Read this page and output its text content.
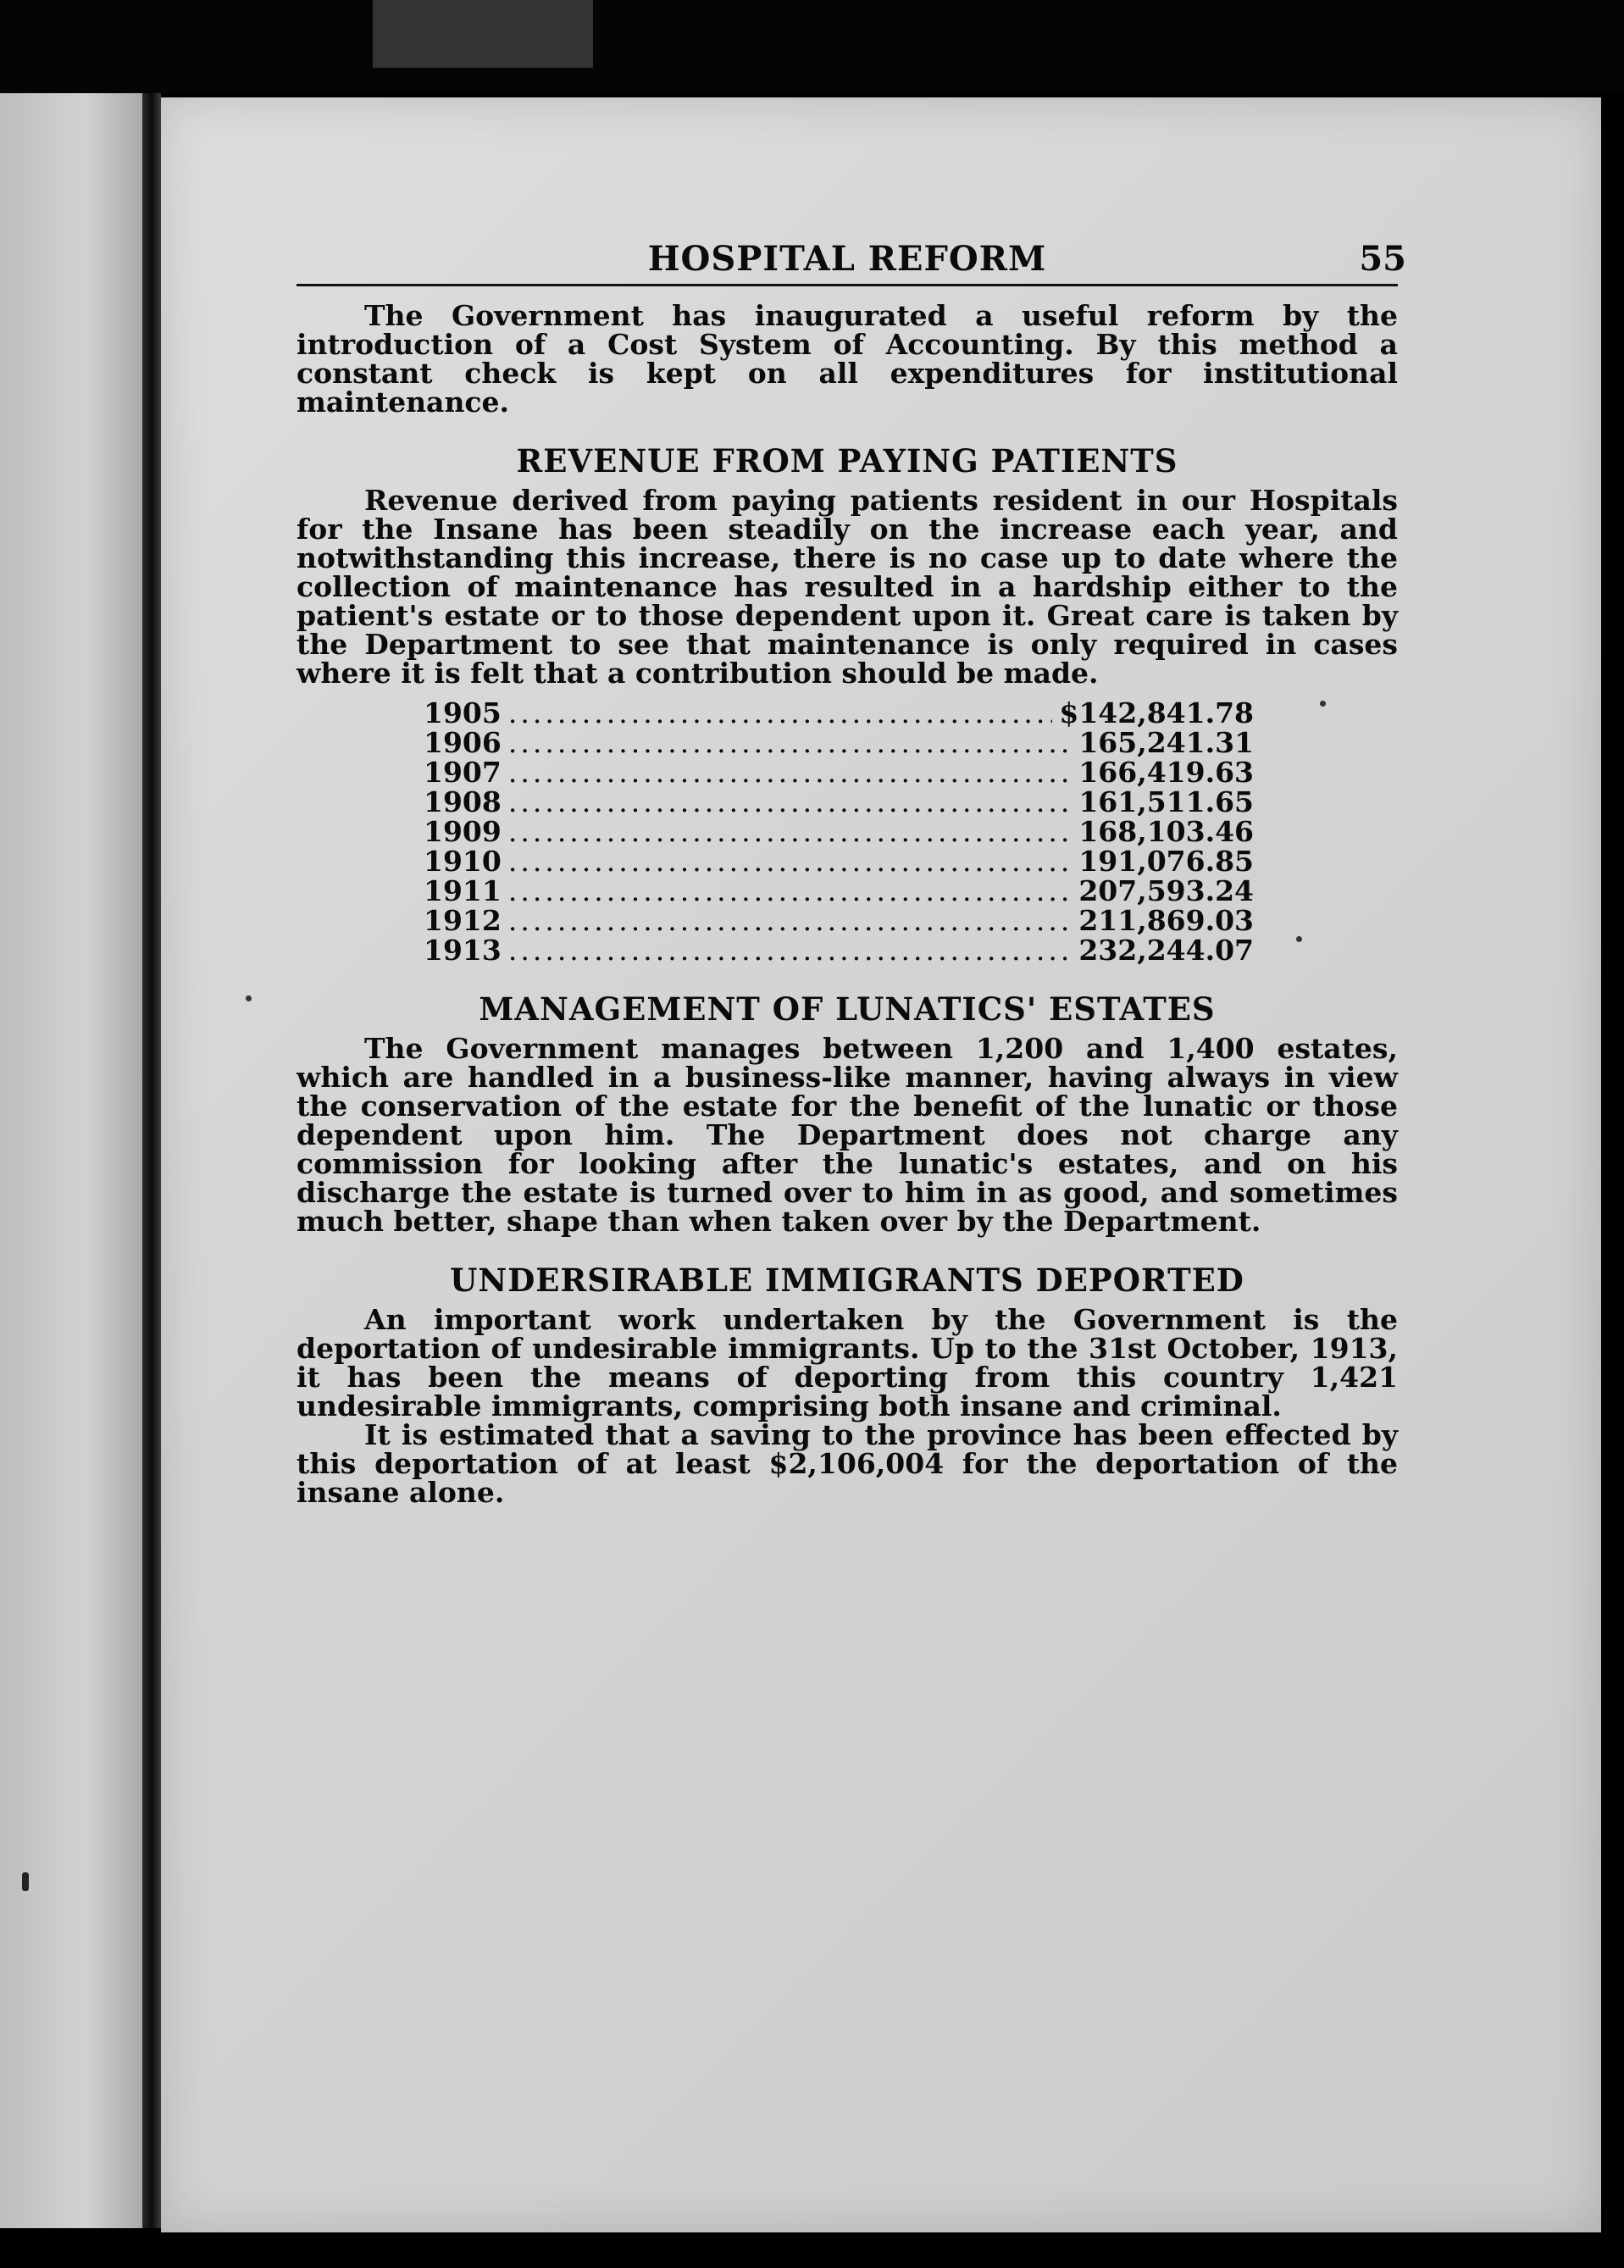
HOSPITAL REFORM	55

The Government has inaugurated a useful reform by the introduction of a Cost System of Accounting. By this method a constant check is kept on all expenditures for institutional maintenance.

REVENUE FROM PAYING PATIENTS

Revenue derived from paying patients resident in our Hospitals for the Insane has been steadily on the increase each year, and notwithstanding this increase, there is no case up to date where the collection of maintenance has resulted in a hardship either to the patient's estate or to those dependent upon it. Great care is taken by the Department to see that maintenance is only required in cases where it is felt that a contribution should be made.

1905 .....	$142,841.78
1906 .....	165,241.31
1907 .....	166,419.63
1908 .....	161,511.65
1909 .....	168,103.46
1910 .....	191,076.85
1911 .....	207,593.24
1912 .....	211,869.03
1913 .....	232,244.07
MANAGEMENT OF LUNATICS' ESTATES

The Government manages between 1,200 and 1,400 estates, which are handled in a business-like manner, having always in view the conservation of the estate for the benefit of the lunatic or those dependent upon him. The Department does not charge any commission for looking after the lunatic's estates, and on his discharge the estate is turned over to him in as good, and sometimes much better, shape than when taken over by the Department.

UNDERSIRABLE IMMIGRANTS DEPORTED

An important work undertaken by the Government is the deportation of undesirable immigrants. Up to the 31st October, 1913, it has been the means of deporting from this country 1,421 undesirable immigrants, comprising both insane and criminal.

It is estimated that a saving to the province has been effected by this deportation of at least $2,106,004 for the deportation of the insane alone.
